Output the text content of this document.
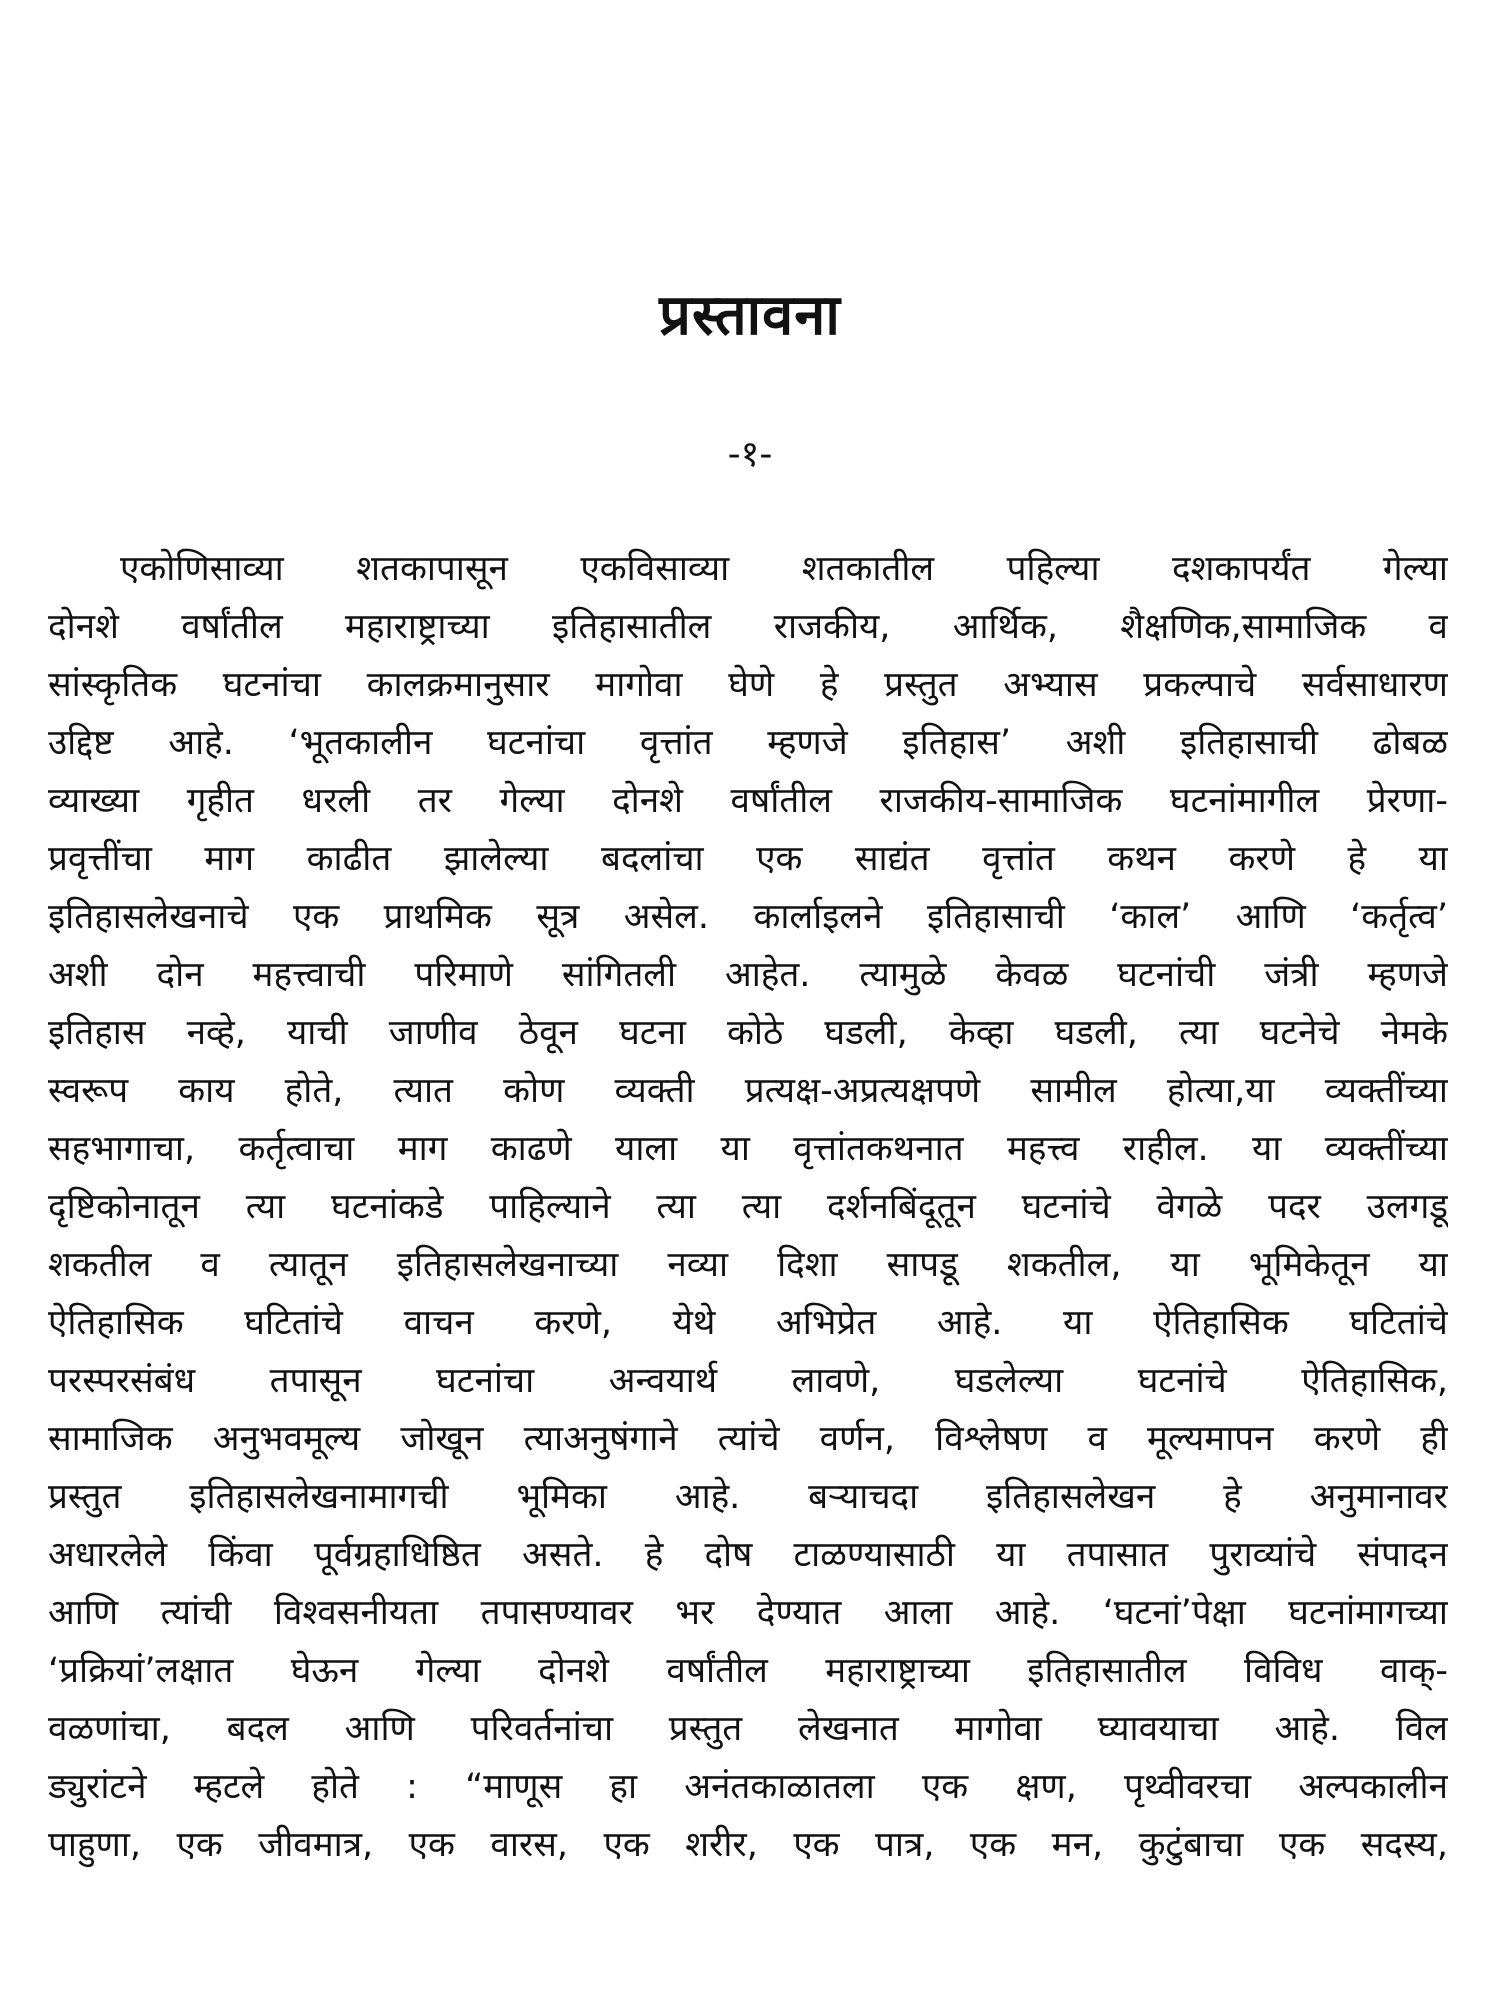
प्रस्तावना
-१-
एकोणिसाव्या शतकापासून एकविसाव्या शतकातील पहिल्या दशकापर्यंत गेल्या
दोनशे वर्षांतील महाराष्ट्राच्या इतिहासातील राजकीय, आर्थिक, शैक्षणिक,सामाजिक व
सांस्कृतिक घटनांचा कालक्रमानुसार मागोवा घेणे हे प्रस्तुत अभ्यास प्रकल्पाचे सर्वसाधारण
उद्दिष्ट आहे. ‘भूतकालीन घटनांचा वृत्तांत म्हणजे इतिहास’ अशी इतिहासाची ढोबळ
व्याख्या गृहीत धरली तर गेल्या दोनशे वर्षांतील राजकीय-सामाजिक घटनांमागील प्रेरणा-
प्रवृत्तींचा माग काढीत झालेल्या बदलांचा एक साद्यंत वृत्तांत कथन करणे हे या
इतिहासलेखनाचे एक प्राथमिक सूत्र असेल. कार्लाइलने इतिहासाची ‘काल’ आणि ‘कर्तृत्व’
अशी दोन महत्त्वाची परिमाणे सांगितली आहेत. त्यामुळे केवळ घटनांची जंत्री म्हणजे
इतिहास नव्हे, याची जाणीव ठेवून घटना कोठे घडली, केव्हा घडली, त्या घटनेचे नेमके
स्वरूप काय होते, त्यात कोण व्यक्ती प्रत्यक्ष-अप्रत्यक्षपणे सामील होत्या,या व्यक्तींच्या
सहभागाचा, कर्तृत्वाचा माग काढणे याला या वृत्तांतकथनात महत्त्व राहील. या व्यक्तींच्या
दृष्टिकोनातून त्या घटनांकडे पाहिल्याने त्या त्या दर्शनबिंदूतून घटनांचे वेगळे पदर उलगडू
शकतील व त्यातून इतिहासलेखनाच्या नव्या दिशा सापडू शकतील, या भूमिकेतून या
ऐतिहासिक घटितांचे वाचन करणे, येथे अभिप्रेत आहे. या ऐतिहासिक घटितांचे
परस्परसंबंध तपासून घटनांचा अन्वयार्थ लावणे, घडलेल्या घटनांचे ऐतिहासिक,
सामाजिक अनुभवमूल्य जोखून त्याअनुषंगाने त्यांचे वर्णन, विश्लेषण व मूल्यमापन करणे ही
प्रस्तुत इतिहासलेखनामागची भूमिका आहे. बऱ्याचदा इतिहासलेखन हे अनुमानावर
अधारलेले किंवा पूर्वग्रहाधिष्ठित असते. हे दोष टाळण्यासाठी या तपासात पुराव्यांचे संपादन
आणि त्यांची विश्वसनीयता तपासण्यावर भर देण्यात आला आहे. ‘घटनां’पेक्षा घटनांमागच्या
‘प्रक्रियां’लक्षात घेऊन गेल्या दोनशे वर्षांतील महाराष्ट्राच्या इतिहासातील विविध वाक्-
वळणांचा, बदल आणि परिवर्तनांचा प्रस्तुत लेखनात मागोवा घ्यावयाचा आहे. विल
ड्युरांटने म्हटले होते : “माणूस हा अनंतकाळातला एक क्षण, पृथ्वीवरचा अल्पकालीन
पाहुणा, एक जीवमात्र, एक वारस, एक शरीर, एक पात्र, एक मन, कुटुंबाचा एक सदस्य,
